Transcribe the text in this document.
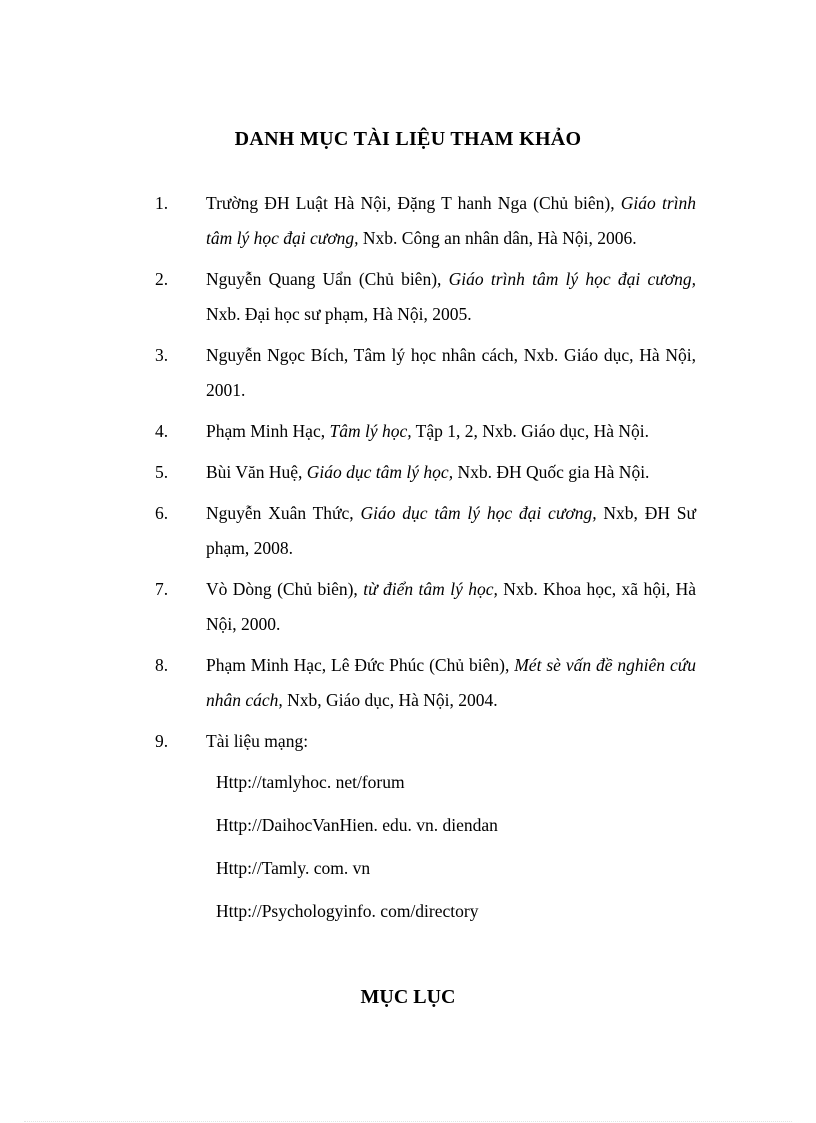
DANH MỤC TÀI LIỆU THAM KHẢO
1. Trường ĐH Luật Hà Nội, Đặng T hanh Nga (Chủ biên), Giáo trình tâm lý học đại cương, Nxb. Công an nhân dân, Hà Nội, 2006.
2. Nguyễn Quang Uẩn (Chủ biên), Giáo trình tâm lý học đại cương, Nxb. Đại học sư phạm, Hà Nội, 2005.
3. Nguyễn Ngọc Bích, Tâm lý học nhân cách, Nxb. Giáo dục, Hà Nội, 2001.
4. Phạm Minh Hạc, Tâm lý học, Tập 1, 2, Nxb. Giáo dục, Hà Nội.
5. Bùi Văn Huệ, Giáo dục tâm lý học, Nxb. ĐH Quốc gia Hà Nội.
6. Nguyễn Xuân Thức, Giáo dục tâm lý học đại cương, Nxb, ĐH Sư phạm, 2008.
7. Vò Dòng (Chủ biên), từ điển tâm lý học, Nxb. Khoa học, xã hội, Hà Nội, 2000.
8. Phạm Minh Hạc, Lê Đức Phúc (Chủ biên), Mét sè vấn đề nghiên cứu nhân cách, Nxb, Giáo dục, Hà Nội, 2004.
9. Tài liệu mạng:
Http://tamlyhoc. net/forum
Http://DaihocVanHien. edu. vn. diendan
Http://Tamly. com. vn
Http://Psychologyinfo. com/directory
MỤC LỤC
